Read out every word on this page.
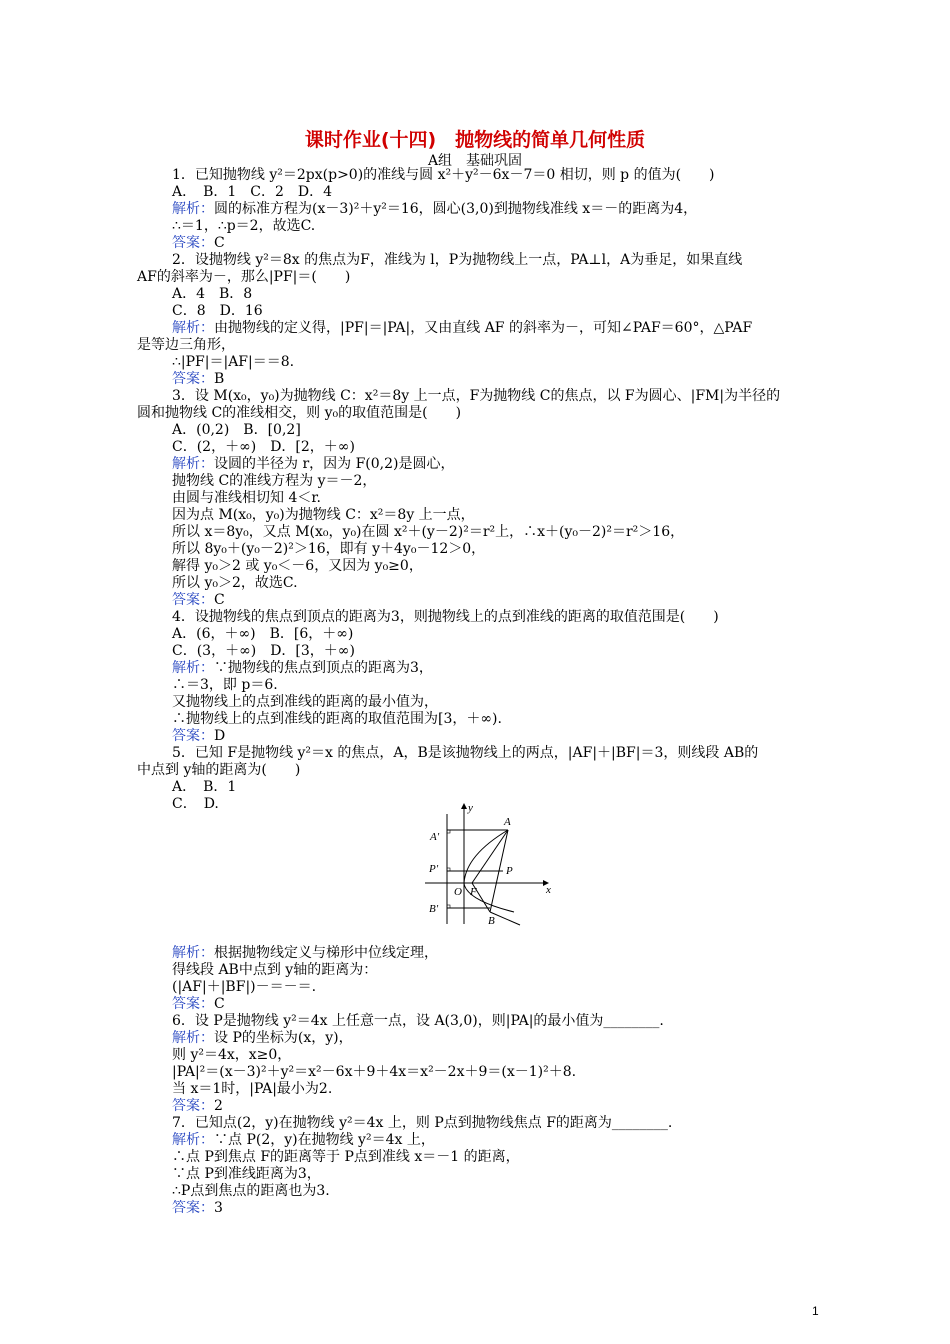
课时作业(十四)　抛物线的简单几何性质
A组　基础巩固
1．已知抛物线 y²＝2px(p>0)的准线与圆 x²＋y²－6x－7＝0 相切，则 p 的值为(　　)
A．　B．1　C．2　D．4
解析：圆的标准方程为(x－3)²＋y²＝16，圆心(3,0)到抛物线准线 x＝－的距离为4，
∴＝1，∴p＝2，故选C.
答案：C
2．设抛物线 y²＝8x 的焦点为F，准线为 l，P为抛物线上一点，PA⊥l，A为垂足，如果直线
AF的斜率为－，那么|PF|＝(　　)
A．4　B．8
C．8　D．16
解析：由抛物线的定义得，|PF|＝|PA|，又由直线 AF 的斜率为－，可知∠PAF＝60°，△PAF
是等边三角形，
∴|PF|＝|AF|＝＝8.
答案：B
3．设 M(x₀，y₀)为抛物线 C：x²＝8y 上一点，F为抛物线 C的焦点，以 F为圆心、|FM|为半径的
圆和抛物线 C的准线相交，则 y₀的取值范围是(　　)
A．(0,2)　B．[0,2]
C．(2，＋∞)　D．[2，＋∞)
解析：设圆的半径为 r，因为 F(0,2)是圆心，
抛物线 C的准线方程为 y＝－2，
由圆与准线相切知 4＜r.
因为点 M(x₀，y₀)为抛物线 C：x²＝8y 上一点，
所以 x＝8y₀，又点 M(x₀，y₀)在圆 x²＋(y－2)²＝r²上，∴x＋(y₀－2)²＝r²＞16，
所以 8y₀＋(y₀－2)²＞16，即有 y＋4y₀－12＞0，
解得 y₀＞2 或 y₀＜－6，又因为 y₀≥0，
所以 y₀＞2，故选C.
答案：C
4．设抛物线的焦点到顶点的距离为3，则抛物线上的点到准线的距离的取值范围是(　　)
A．(6，＋∞)　B．[6，＋∞)
C．(3，＋∞)　D．[3，＋∞)
解析：∵抛物线的焦点到顶点的距离为3，
∴＝3，即 p＝6.
又抛物线上的点到准线的距离的最小值为，
∴抛物线上的点到准线的距离的取值范围为[3，＋∞).
答案：D
5．已知 F是抛物线 y²＝x 的焦点，A，B是该抛物线上的两点，|AF|＋|BF|＝3，则线段 AB的
中点到 y轴的距离为(　　)
A．　B．1
C．　D.	y
x
O F
A
B
P
A′
P′
B′
解析：根据抛物线定义与梯形中位线定理，
得线段 AB中点到 y轴的距离为：
(|AF|＋|BF|)－＝－＝.
答案：C
6．设 P是抛物线 y²＝4x 上任意一点，设 A(3,0)，则|PA|的最小值为________.
解析：设 P的坐标为(x，y)，
则 y²＝4x，x≥0，
|PA|²＝(x－3)²＋y²＝x²－6x＋9＋4x＝x²－2x＋9＝(x－1)²＋8.
当 x＝1时，|PA|最小为2.
答案：2
7．已知点(2，y)在抛物线 y²＝4x 上，则 P点到抛物线焦点 F的距离为________.
解析：∵点 P(2，y)在抛物线 y²＝4x 上，
∴点 P到焦点 F的距离等于 P点到准线 x＝－1 的距离，
∵点 P到准线距离为3，
∴P点到焦点的距离也为3.
答案：3
1
